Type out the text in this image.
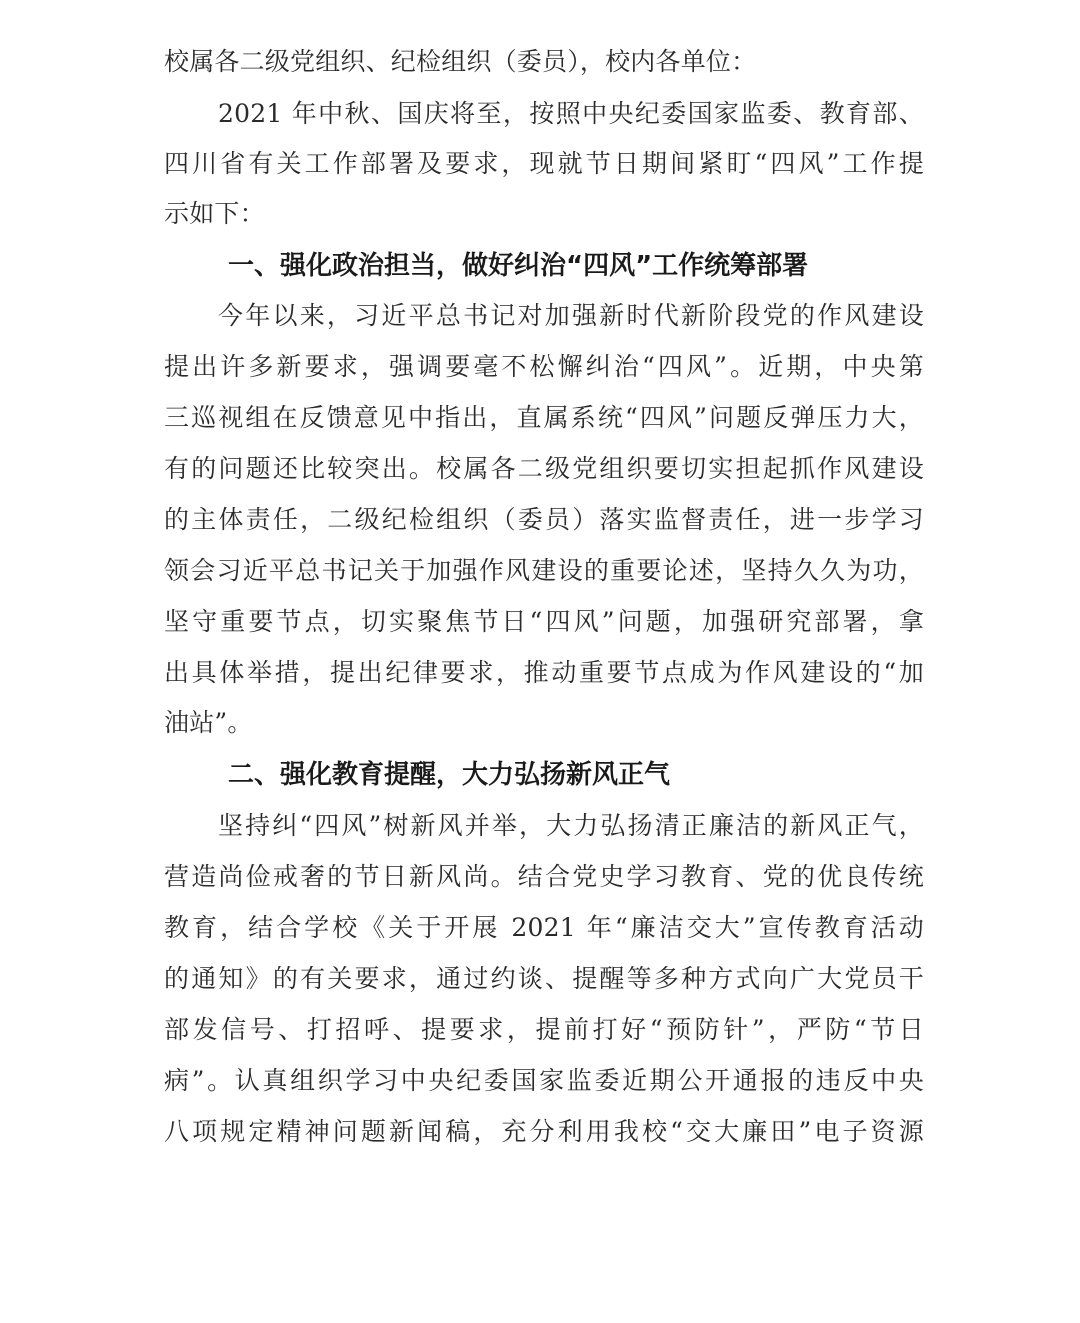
校属各二级党组织、纪检组织（委员），校内各单位：
2021 年中秋、国庆将至，按照中央纪委国家监委、教育部、
四川省有关工作部署及要求，现就节日期间紧盯“四风”工作提
示如下：
一、强化政治担当，做好纠治“四风”工作统筹部署
今年以来，习近平总书记对加强新时代新阶段党的作风建设
提出许多新要求，强调要毫不松懈纠治“四风”。近期，中央第
三巡视组在反馈意见中指出，直属系统“四风”问题反弹压力大，
有的问题还比较突出。校属各二级党组织要切实担起抓作风建设
的主体责任，二级纪检组织（委员）落实监督责任，进一步学习
领会习近平总书记关于加强作风建设的重要论述，坚持久久为功，
坚守重要节点，切实聚焦节日“四风”问题，加强研究部署，拿
出具体举措，提出纪律要求，推动重要节点成为作风建设的“加
油站”。
二、强化教育提醒，大力弘扬新风正气
坚持纠“四风”树新风并举，大力弘扬清正廉洁的新风正气，
营造尚俭戒奢的节日新风尚。结合党史学习教育、党的优良传统
教育，结合学校《关于开展 2021 年“廉洁交大”宣传教育活动
的通知》的有关要求，通过约谈、提醒等多种方式向广大党员干
部发信号、打招呼、提要求，提前打好“预防针”，严防“节日
病”。认真组织学习中央纪委国家监委近期公开通报的违反中央
八项规定精神问题新闻稿，充分利用我校“交大廉田”电子资源
